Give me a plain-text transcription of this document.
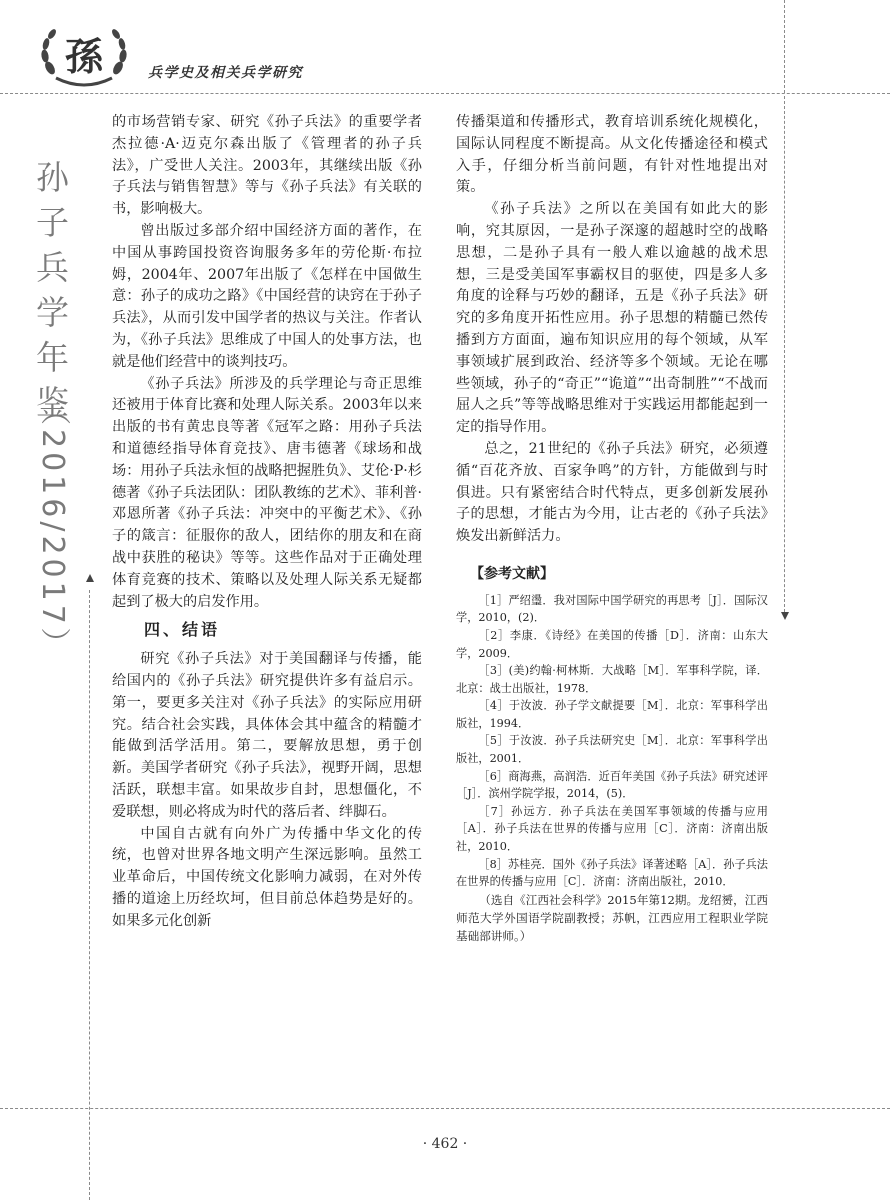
孫	兵学史及相关兵学研究
孙子兵学年鉴
（2016/2017）

的市场营销专家、研究《孙子兵法》的重要学者杰拉德·A·迈克尔森出版了《管理者的孙子兵法》，广受世人关注。2003年，其继续出版《孙子兵法与销售智慧》等与《孙子兵法》有关联的书，影响极大。

曾出版过多部介绍中国经济方面的著作，在中国从事跨国投资咨询服务多年的劳伦斯·布拉姆，2004年、2007年出版了《怎样在中国做生意：孙子的成功之路》《中国经营的诀窍在于孙子兵法》，从而引发中国学者的热议与关注。作者认为，《孙子兵法》思维成了中国人的处事方法，也就是他们经营中的谈判技巧。

《孙子兵法》所涉及的兵学理论与奇正思维还被用于体育比赛和处理人际关系。2003年以来出版的书有黄忠良等著《冠军之路：用孙子兵法和道德经指导体育竞技》、唐韦德著《球场和战场：用孙子兵法永恒的战略把握胜负》、艾伦·P·杉德著《孙子兵法团队：团队教练的艺术》、菲利普·邓恩所著《孙子兵法：冲突中的平衡艺术》、《孙子的箴言：征服你的敌人，团结你的朋友和在商战中获胜的秘诀》等等。这些作品对于正确处理体育竞赛的技术、策略以及处理人际关系无疑都起到了极大的启发作用。

四、结语

研究《孙子兵法》对于美国翻译与传播，能给国内的《孙子兵法》研究提供许多有益启示。第一，要更多关注对《孙子兵法》的实际应用研究。结合社会实践，具体体会其中蕴含的精髓才能做到活学活用。第二，要解放思想，勇于创新。美国学者研究《孙子兵法》，视野开阔，思想活跃，联想丰富。如果故步自封，思想僵化，不爱联想，则必将成为时代的落后者、绊脚石。

中国自古就有向外广为传播中华文化的传统，也曾对世界各地文明产生深远影响。虽然工业革命后，中国传统文化影响力减弱，在对外传播的道途上历经坎坷，但目前总体趋势是好的。如果多元化创新

传播渠道和传播形式，教育培训系统化规模化，国际认同程度不断提高。从文化传播途径和模式入手，仔细分析当前问题，有针对性地提出对策。

《孙子兵法》之所以在美国有如此大的影响，究其原因，一是孙子深邃的超越时空的战略思想，二是孙子具有一般人难以逾越的战术思想，三是受美国军事霸权目的驱使，四是多人多角度的诠释与巧妙的翻译，五是《孙子兵法》研究的多角度开拓性应用。孙子思想的精髓已然传播到方方面面，遍布知识应用的每个领域，从军事领域扩展到政治、经济等多个领域。无论在哪些领域，孙子的“奇正”“诡道”“出奇制胜”“不战而屈人之兵”等等战略思维对于实践运用都能起到一定的指导作用。

总之，21世纪的《孙子兵法》研究，必须遵循“百花齐放、百家争鸣”的方针，方能做到与时俱进。只有紧密结合时代特点，更多创新发展孙子的思想，才能古为今用，让古老的《孙子兵法》焕发出新鲜活力。

【参考文献】

［1］严绍璗．我对国际中国学研究的再思考［J］．国际汉学，2010，(2)．

［2］李康．《诗经》在美国的传播［D］．济南：山东大学，2009．

［3］(美)约翰·柯林斯．大战略［M］．军事科学院，译．北京：战士出版社，1978．

［4］于汝波．孙子学文献提要［M］．北京：军事科学出版社，1994．

［5］于汝波．孙子兵法研究史［M］．北京：军事科学出版社，2001．

［6］商海燕，高润浩．近百年美国《孙子兵法》研究述评［J］．滨州学院学报，2014，(5)．

［7］孙远方．孙子兵法在美国军事领域的传播与应用［A］．孙子兵法在世界的传播与应用［C］．济南：济南出版社，2010．

［8］苏桂亮．国外《孙子兵法》译著述略［A］．孙子兵法在世界的传播与应用［C］．济南：济南出版社，2010．

（选自《江西社会科学》2015年第12期。龙绍赟，江西师范大学外国语学院副教授；苏帆，江西应用工程职业学院基础部讲师。）

· 462 ·
